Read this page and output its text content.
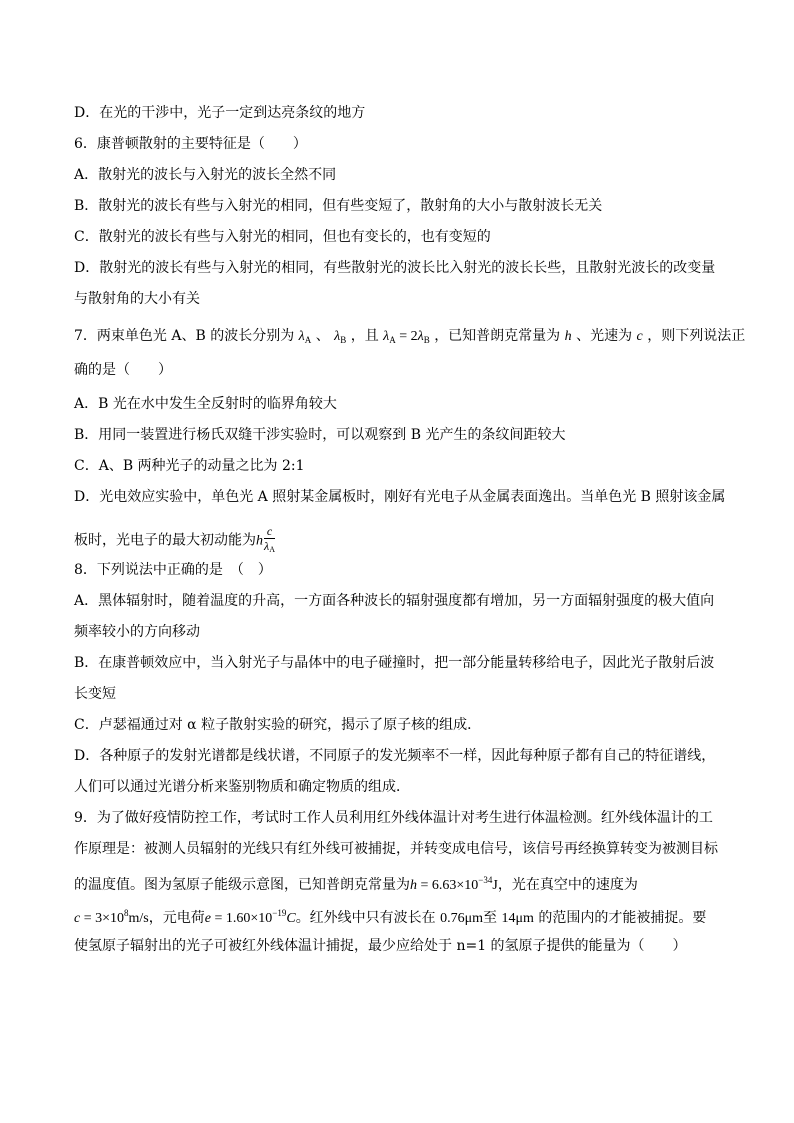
D．在光的干涉中，光子一定到达亮条纹的地方
6．康普顿散射的主要特征是（　　）
A．散射光的波长与入射光的波长全然不同
B．散射光的波长有些与入射光的相同，但有些变短了，散射角的大小与散射波长无关
C．散射光的波长有些与入射光的相同，但也有变长的，也有变短的
D．散射光的波长有些与入射光的相同，有些散射光的波长比入射光的波长长些，且散射光波长的改变量
与散射角的大小有关
7．两束单色光 A、B 的波长分别为 $\lambda_A$ 、 $\lambda_B$ ，且 $\lambda_A = 2\lambda_B$ ，已知普朗克常量为 h 、光速为 c ，则下列说法正
确的是（　　）
A．B 光在水中发生全反射时的临界角较大
B．用同一装置进行杨氏双缝干涉实验时，可以观察到 B 光产生的条纹间距较大
C．A、B 两种光子的动量之比为 2:1
D．光电效应实验中，单色光 A 照射某金属板时，刚好有光电子从金属表面逸出。当单色光 B 照射该金属
板时，光电子的最大初动能为h $\frac{c}{\lambda_A}$
8．下列说法中正确的是　（　）
A．黑体辐射时，随着温度的升高，一方面各种波长的辐射强度都有增加，另一方面辐射强度的极大值向
频率较小的方向移动
B．在康普顿效应中，当入射光子与晶体中的电子碰撞时，把一部分能量转移给电子，因此光子散射后波
长变短
C．卢瑟福通过对 α 粒子散射实验的研究，揭示了原子核的组成．
D．各种原子的发射光谱都是线状谱，不同原子的发光频率不一样，因此每种原子都有自己的特征谱线，
人们可以通过光谱分析来鉴别物质和确定物质的组成．
9．为了做好疫情防控工作，考试时工作人员利用红外线体温计对考生进行体温检测。红外线体温计的工
作原理是：被测人员辐射的光线只有红外线可被捕捉，并转变成电信号，该信号再经换算转变为被测目标
的温度值。图为氢原子能级示意图，已知普朗克常量为$h = 6.63\times 10^{-34}J$，光在真空中的速度为
$c = 3\times 10^8m/s$，元电荷$e = 1.60\times 10^{-19}C$。红外线中只有波长在 0.76μm至 14μm 的范围内的才能被捕捉。要
使氢原子辐射出的光子可被红外线体温计捕捉，最少应给处于 n=1 的氢原子提供的能量为（　　）
